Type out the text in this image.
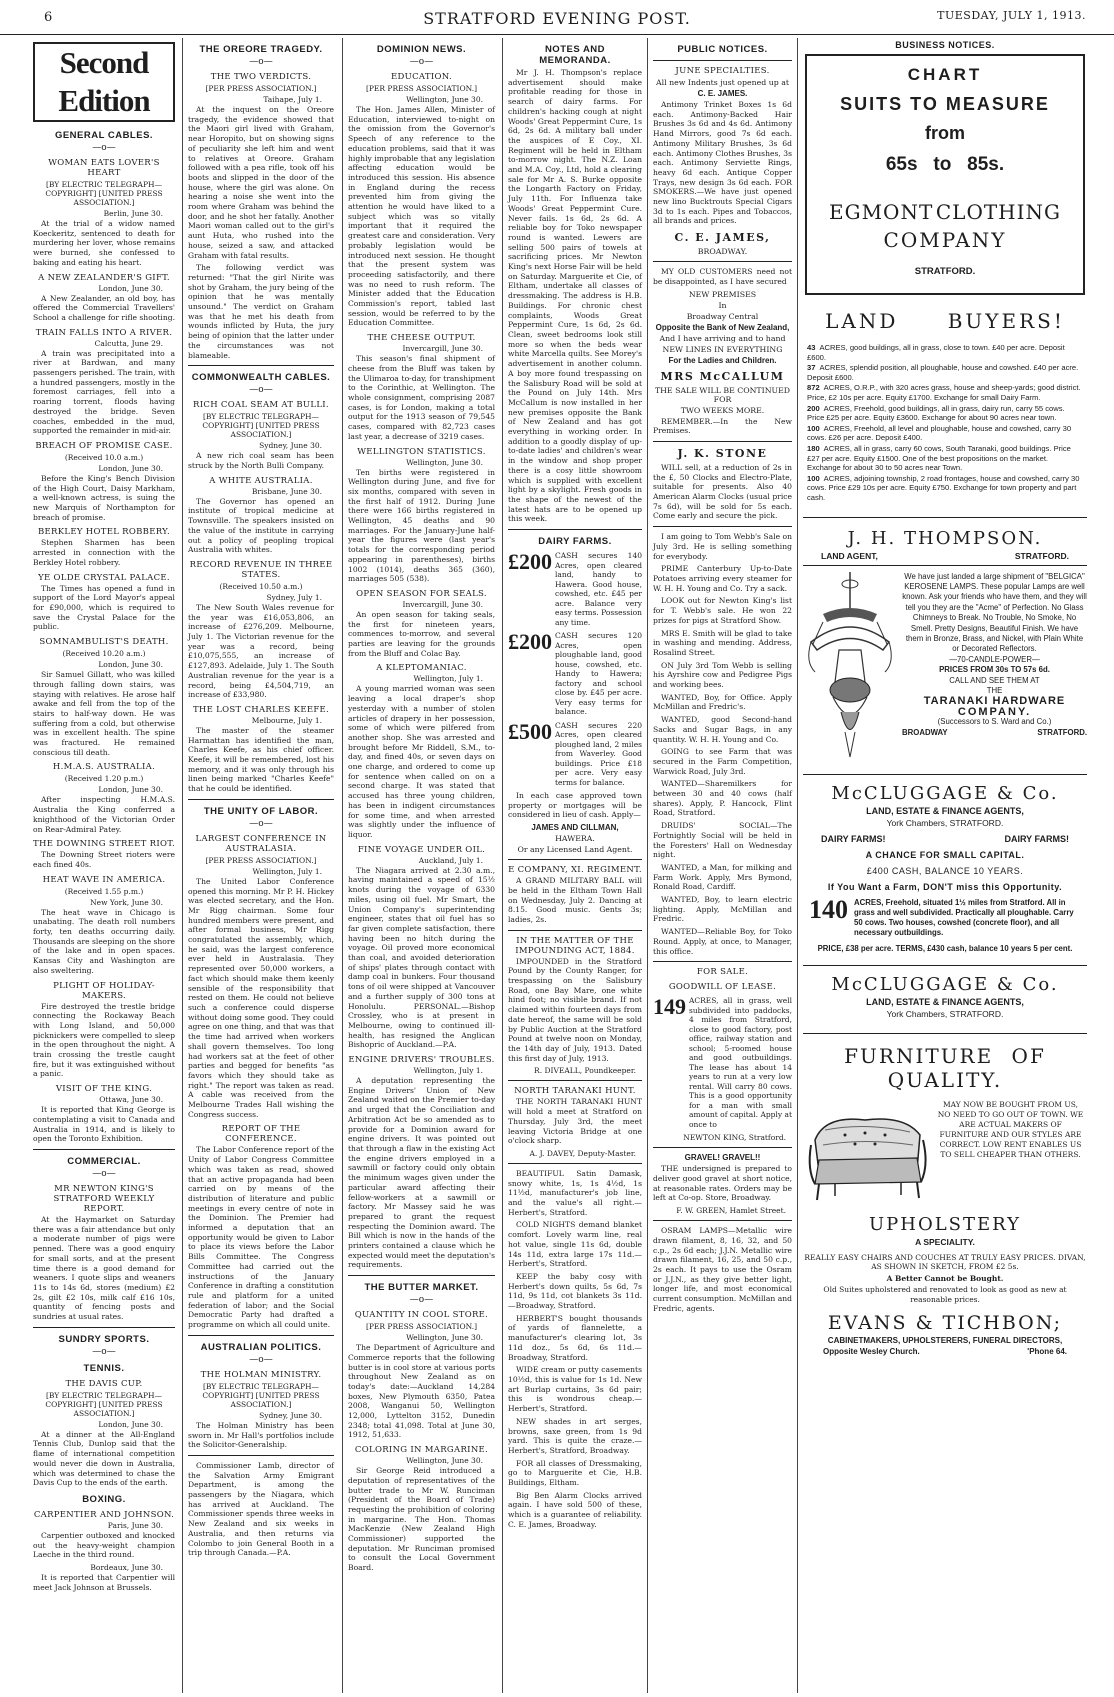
6	STRATFORD EVENING POST.	TUESDAY, JULY 1, 1913.
Second Edition
GENERAL CABLES.
—o—
WOMAN EATS LOVER'S HEART
[BY ELECTRIC TELEGRAPH—COPYRIGHT] [UNITED PRESS ASSOCIATION.]
Berlin, June 30.
At the trial of a widow named Koeckeritz, sentenced to death for murdering her lover, whose remains were burned, she confessed to baking and eating his heart.
A NEW ZEALANDER'S GIFT.
London, June 30.
A New Zealander, an old boy, has offered the Commercial Travellers' School a challenge for rifle shooting.
TRAIN FALLS INTO A RIVER.
Calcutta, June 29.
A train was precipitated into a river at Bardwan, and many passengers perished. The train, with a hundred passengers, mostly in the foremost carriages, fell into a roaring torrent, floods having destroyed the bridge. Seven coaches, embedded in the mud, supported the remainder in mid-air.
BREACH OF PROMISE CASE.
(Received 10.0 a.m.)
London, June 30.
Before the King's Bench Division of the High Court, Daisy Markham, a well-known actress, is suing the new Marquis of Northampton for breach of promise.
BERKLEY HOTEL ROBBERY.
Stephen Sharmen has been arrested in connection with the Berkley Hotel robbery.
YE OLDE CRYSTAL PALACE.
The Times has opened a fund in support of the Lord Mayor's appeal for £90,000, which is required to save the Crystal Palace for the public.
SOMNAMBULIST'S DEATH.
(Received 10.20 a.m.)
London, June 30.
Sir Samuel Gillatt, who was killed through falling down stairs, was staying with relatives. He arose half awake and fell from the top of the stairs to half-way down. He was suffering from a cold, but otherwise was in excellent health. The spine was fractured. He remained conscious till death.
H.M.A.S. AUSTRALIA.
(Received 1.20 p.m.)
London, June 30.
After inspecting H.M.A.S. Australia the King conferred a knighthood of the Victorian Order on Rear-Admiral Patey.
THE DOWNING STREET RIOT.
The Downing Street rioters were each fined 40s.
HEAT WAVE IN AMERICA.
(Received 1.55 p.m.)
New York, June 30.
The heat wave in Chicago is unabating. The death roll numbers forty, ten deaths occurring daily. Thousands are sleeping on the shore of the lake and in open spaces. Kansas City and Washington are also sweltering.
PLIGHT OF HOLIDAY-MAKERS.
Fire destroyed the trestle bridge connecting the Rockaway Beach with Long Island, and 50,000 picknickers were compelled to sleep in the open throughout the night. A train crossing the trestle caught fire, but it was extinguished without a panic.
VISIT OF THE KING.
Ottawa, June 30.
It is reported that King George is contemplating a visit to Canada and Australia in 1914, and is likely to open the Toronto Exhibition.
COMMERCIAL.
—o—
MR NEWTON KING'S STRATFORD WEEKLY REPORT.
At the Haymarket on Saturday there was a fair attendance but only a moderate number of pigs were penned. There was a good enquiry for small sorts, and at the present time there is a good demand for weaners. I quote slips and weaners 11s to 14s 6d, stores (medium) £2 2s, gilt £2 10s, milk calf £16 10s, quantity of fencing posts and sundries at usual rates.
SUNDRY SPORTS.
—o—
TENNIS.
THE DAVIS CUP.
[BY ELECTRIC TELEGRAPH—COPYRIGHT] [UNITED PRESS ASSOCIATION.]
London, June 30.
At a dinner at the All-England Tennis Club, Dunlop said that the flame of international competition would never die down in Australia, which was determined to chase the Davis Cup to the ends of the earth.
BOXING.
CARPENTIER AND JOHNSON.
Paris, June 30.
Carpentier outboxed and knocked out the heavy-weight champion Laeche in the third round.
Bordeaux, June 30.
It is reported that Carpentier will meet Jack Johnson at Brussels.
THE OREORE TRAGEDY.
—o—
THE TWO VERDICTS.
[PER PRESS ASSOCIATION.]
Taihape, July 1.
At the inquest on the Oreore tragedy, the evidence showed that the Maori girl lived with Graham, near Horopito, but on showing signs of peculiarity she left him and went to relatives at Oreore. Graham followed with a pea rifle, took off his boots and slipped in the door of the house, where the girl was alone. On hearing a noise she went into the room where Graham was behind the door, and he shot her fatally. Another Maori woman called out to the girl's aunt Huta, who rushed into the house, seized a saw, and attacked Graham with fatal results.
The following verdict was returned: "That the girl Nirite was shot by Graham, the jury being of the opinion that he was mentally unsound." The verdict on Graham was that he met his death from wounds inflicted by Huta, the jury being of opinion that the latter under the circumstances was not blameable.
COMMONWEALTH CABLES.
—o—
RICH COAL SEAM AT BULLI.
[BY ELECTRIC TELEGRAPH—COPYRIGHT] [UNITED PRESS ASSOCIATION.]
Sydney, June 30.
A new rich coal seam has been struck by the North Bulli Company.
A WHITE AUSTRALIA.
Brisbane, June 30.
The Governor has opened an institute of tropical medicine at Townsville. The speakers insisted on the value of the institute in carrying out a policy of peopling tropical Australia with whites.
RECORD REVENUE IN THREE STATES.
(Received 10.50 a.m.)
Sydney, July 1.
The New South Wales revenue for the year was £16,053,806, an increase of £276,209. Melbourne, July 1. The Victorian revenue for the year was a record, being £10,075,555, an increase of £127,893. Adelaide, July 1. The South Australian revenue for the year is a record, being £4,504,719, an increase of £33,980.
THE LOST CHARLES KEEFE.
Melbourne, July 1.
The master of the steamer Harmattan has identified the man, Charles Keefe, as his chief officer. Keefe, it will be remembered, lost his memory, and it was only through his linen being marked "Charles Keefe" that he could be identified.
THE UNITY OF LABOR.
—o—
LARGEST CONFERENCE IN AUSTRALASIA.
[PER PRESS ASSOCIATION.]
Wellington, July 1.
The United Labor Conference opened this morning. Mr P. H. Hickey was elected secretary, and the Hon. Mr Rigg chairman. Some four hundred members were present, and after formal business, Mr Rigg congratulated the assembly, which, he said, was the largest conference ever held in Australasia. They represented over 50,000 workers, a fact which should make them keenly sensible of the responsibility that rested on them. He could not believe such a conference could disperse without doing some good. They could agree on one thing, and that was that the time had arrived when workers shall govern themselves. Too long had workers sat at the feet of other parties and begged for benefits "as favors which they should take as right." The report was taken as read. A cable was received from the Melbourne Trades Hall wishing the Congress success.
REPORT OF THE CONFERENCE.
The Labor Conference report of the Unity of Labor Congress Committee which was taken as read, showed that an active propaganda had been carried on by means of the distribution of literature and public meetings in every centre of note in the Dominion. The Premier had informed a deputation that an opportunity would be given to Labor to place its views before the Labor Bills Committee. The Congress Committee had carried out the instructions of the January Conference in drafting a constitution rule and platform for a united federation of labor; and the Social Democratic Party had drafted a programme on which all could unite.
AUSTRALIAN POLITICS.
—o—
THE HOLMAN MINISTRY.
[BY ELECTRIC TELEGRAPH—COPYRIGHT] [UNITED PRESS ASSOCIATION.]
Sydney, June 30.
The Holman Ministry has been sworn in. Mr Hall's portfolios include the Solicitor-Generalship.
Commissioner Lamb, director of the Salvation Army Emigrant Department, is among the passengers by the Niagara, which has arrived at Auckland. The Commissioner spends three weeks in New Zealand and six weeks in Australia, and then returns via Colombo to join General Booth in a trip through Canada.—P.A.
DOMINION NEWS.
—o—
EDUCATION.
[PER PRESS ASSOCIATION.]
Wellington, June 30.
The Hon. James Allen, Minister of Education, interviewed to-night on the omission from the Governor's Speech of any reference to the education problems, said that it was highly improbable that any legislation affecting education would be introduced this session. His absence in England during the recess prevented him from giving the attention he would have liked to a subject which was so vitally important that it required the greatest care and consideration. Very probably legislation would be introduced next session. He thought that the present system was proceeding satisfactorily, and there was no need to rush reform. The Minister added that the Education Commission's report, tabled last session, would be referred to by the Education Committee.
THE CHEESE OUTPUT.
Invercargill, June 30.
This season's final shipment of cheese from the Bluff was taken by the Ulimaroa to-day, for transhipment to the Corinthic, at Wellington. The whole consignment, comprising 2087 cases, is for London, making a total output for the 1913 season of 79,545 cases, compared with 82,723 cases last year, a decrease of 3219 cases.
WELLINGTON STATISTICS.
Wellington, June 30.
Ten births were registered in Wellington during June, and five for six months, compared with seven in the first half of 1912. During June there were 166 births registered in Wellington, 45 deaths and 90 marriages. For the January-June half-year the figures were (last year's totals for the corresponding period appearing in parentheses), births 1002 (1014), deaths 365 (360), marriages 505 (538).
OPEN SEASON FOR SEALS.
Invercargill, June 30.
An open season for taking seals, the first for nineteen years, commences to-morrow, and several parties are leaving for the grounds from the Bluff and Colac Bay.
A KLEPTOMANIAC.
Wellington, July 1.
A young married woman was seen leaving a local draper's shop yesterday with a number of stolen articles of drapery in her possession, some of which were pilfered from another shop. She was arrested and brought before Mr Riddell, S.M., to-day, and fined 40s, or seven days on one charge, and ordered to come up for sentence when called on on a second charge. It was stated that accused has three young children, has been in indigent circumstances for some time, and when arrested was slightly under the influence of liquor.
FINE VOYAGE UNDER OIL.
Auckland, July 1.
The Niagara arrived at 2.30 a.m., having maintained a speed of 15½ knots during the voyage of 6330 miles, using oil fuel. Mr Smart, the Union Company's superintending engineer, states that oil fuel has so far given complete satisfaction, there having been no hitch during the voyage. Oil proved more economical than coal, and avoided deterioration of ships' plates through contact with damp coal in bunkers. Four thousand tons of oil were shipped at Vancouver and a further supply of 300 tons at Honolulu. PERSONAL.—Bishop Crossley, who is at present in Melbourne, owing to continued ill-health, has resigned the Anglican Bishopric of Auckland.—P.A.
ENGINE DRIVERS' TROUBLES.
Wellington, July 1.
A deputation representing the Engine Drivers' Union of New Zealand waited on the Premier to-day and urged that the Conciliation and Arbitration Act be so amended as to provide for a Dominion award for engine drivers. It was pointed out that through a flaw in the existing Act the engine drivers employed in a sawmill or factory could only obtain the minimum wages given under the particular award affecting their fellow-workers at a sawmill or factory. Mr Massey said he was prepared to grant the request respecting the Dominion award. The Bill which is now in the hands of the printers contained a clause which he expected would meet the deputation's requirements.
THE BUTTER MARKET.
—o—
QUANTITY IN COOL STORE.
[PER PRESS ASSOCIATION.]
Wellington, June 30.
The Department of Agriculture and Commerce reports that the following butter is in cool store at various ports throughout New Zealand as on today's date:—Auckland 14,284 boxes, New Plymouth 6350, Patea 2008, Wanganui 50, Wellington 12,000, Lyttelton 3152, Dunedin 2348; total 41,098. Total at June 30, 1912, 51,633.
COLORING IN MARGARINE.
Wellington, June 30.
Sir George Reid introduced a deputation of representatives of the butter trade to Mr W. Runciman (President of the Board of Trade) requesting the prohibition of coloring in margarine. The Hon. Thomas MacKenzie (New Zealand High Commissioner) supported the deputation. Mr Runciman promised to consult the Local Government Board.
NOTES AND MEMORANDA.
Mr J. H. Thompson's replace advertisement should make profitable reading for those in search of dairy farms. For children's hacking cough at night Woods' Great Peppermint Cure, 1s 6d, 2s 6d. A military ball under the auspices of E Coy., XI. Regiment will be held in Eltham to-morrow night. The N.Z. Loan and M.A. Coy., Ltd, hold a clearing sale for Mr A. S. Burke opposite the Longarth Factory on Friday, July 11th. For Influenza take Woods' Great Peppermint Cure. Never fails. 1s 6d, 2s 6d. A reliable boy for Toko newspaper round is wanted. Lewers are selling 500 pairs of towels at sacrificing prices. Mr Newton King's next Horse Fair will be held on Saturday. Marguerite et Cie, of Eltham, undertake all classes of dressmaking. The address is H.B. Buildings. For chronic chest complaints, Woods Great Peppermint Cure, 1s 6d, 2s 6d. Clean, sweet bedrooms look still more so when the beds wear white Marcella quilts. See Morey's advertisement in another column. A boy more found trespassing on the Salisbury Road will be sold at the Pound on July 14th. Mrs McCallum is now installed in her new premises opposite the Bank of New Zealand and has got everything in working order. In addition to a goodly display of up-to-date ladies' and children's wear in the window and shop proper there is a cosy little showroom which is supplied with excellent light by a skylight. Fresh goods in the shape of the newest of the latest hats are to be opened up this week.
DAIRY FARMS.
£200 CASH secures 140 Acres, open cleared land, handy to Hawera. Good house, cowshed, etc. £45 per acre. Balance very easy terms. Possession any time.
£200 CASH secures 120 Acres, open ploughable land, good house, cowshed, etc. Handy to Hawera; factory and school close by. £45 per acre. Very easy terms for balance.
£500 CASH secures 220 Acres, open cleared ploughed land, 2 miles from Waverley. Good buildings. Price £18 per acre. Very easy terms for balance.
In each case approved town property or mortgages will be considered in lieu of cash. Apply—
JAMES AND CILLMAN,
HAWERA.
Or any Licensed Land Agent.
E COMPANY, XI. REGIMENT.
A GRAND MILITARY BALL will be held in the Eltham Town Hall on Wednesday, July 2. Dancing at 8.15. Good music. Gents 3s; ladies, 2s.
IN THE MATTER OF THE IMPOUNDING ACT, 1884.
IMPOUNDED in the Stratford Pound by the County Ranger, for trespassing on the Salisbury Road, one Bay Mare, one white hind foot; no visible brand. If not claimed within fourteen days from date hereof, the same will be sold by Public Auction at the Stratford Pound at twelve noon on Monday, the 14th day of July, 1913. Dated this first day of July, 1913.
R. DIVEALL, Poundkeeper.
NORTH TARANAKI HUNT.
THE NORTH TARANAKI HUNT will hold a meet at Stratford on Thursday, July 3rd, the meet leaving Victoria Bridge at one o'clock sharp.
A. J. DAVEY, Deputy-Master.
BEAUTIFUL Satin Damask, snowy white, 1s, 1s 4½d, 1s 11½d, manufacturer's job line, and the value's all right.—Herbert's, Stratford.
COLD NIGHTS demand blanket comfort. Lovely warm line, real hot value, single 11s 6d, double 14s 11d, extra large 17s 11d.—Herbert's, Stratford.
KEEP the baby cosy with Herbert's down quilts, 5s 6d, 7s 11d, 9s 11d, cot blankets 3s 11d.—Broadway, Stratford.
HERBERT'S bought thousands of yards of flannelette, a manufacturer's clearing lot, 3s 11d doz., 5s 6d, 6s 11d.—Broadway, Stratford.
WIDE cream or putty casements 10½d, this is value for 1s 1d. New art Burlap curtains, 3s 6d pair; this is wondrous cheap.—Herbert's, Stratford.
NEW shades in art serges, browns, saxe green, from 1s 9d yard. This is quite the craze.—Herbert's, Stratford, Broadway.
FOR all classes of Dressmaking, go to Marguerite et Cie, H.B. Buildings, Eltham.
Big Ben Alarm Clocks arrived again. I have sold 500 of these, which is a guarantee of reliability. C. E. James, Broadway.
PUBLIC NOTICES.
JUNE SPECIALTIES.
All new Indents just opened up at
C. E. JAMES.
Antimony Trinket Boxes 1s 6d each. Antimony-Backed Hair Brushes 3s 6d and 4s 6d. Antimony Hand Mirrors, good 7s 6d each. Antimony Military Brushes, 3s 6d each. Antimony Clothes Brushes, 3s each. Antimony Serviette Rings, heavy 6d each. Antique Copper Trays, new design 3s 6d each. FOR SMOKERS.—We have just opened new lino Bucktrouts Special Cigars 3d to 1s each. Pipes and Tobaccos, all brands and prices.
C. E. JAMES,
BROADWAY.
MY OLD CUSTOMERS need not be disappointed, as I have secured
NEW PREMISES
In
Broadway Central
Opposite the Bank of New Zealand,
And I have arriving and to hand
NEW LINES IN EVERYTHING
For the Ladies and Children.
MRS McCALLUM
THE SALE WILL BE CONTINUED FOR
TWO WEEKS MORE.
REMEMBER.—In the New Premises.
J. K. STONE
WILL sell, at a reduction of 2s in the £, 50 Clocks and Electro-Plate, suitable for presents. Also 40 American Alarm Clocks (usual price 7s 6d), will be sold for 5s each. Come early and secure the pick.
I am going to Tom Webb's Sale on July 3rd. He is selling something for everybody.
PRIME Canterbury Up-to-Date Potatoes arriving every steamer for W. H. H. Young and Co. Try a sack.
LOOK out for Newton King's list for T. Webb's sale. He won 22 prizes for pigs at Stratford Show.
MRS E. Smith will be glad to take in washing and mending. Address, Rosalind Street.
ON July 3rd Tom Webb is selling his Ayrshire cow and Pedigree Pigs and working bees.
WANTED, Boy, for Office. Apply McMillan and Fredric's.
WANTED, good Second-hand Sacks and Sugar Bags, in any quantity. W. H. H. Young and Co.
GOING to see Farm that was secured in the Farm Competition, Warwick Road, July 3rd.
WANTED—Sharemilkers for between 30 and 40 cows (half shares). Apply, P. Hancock, Flint Road, Stratford.
DRUIDS' SOCIAL—The Fortnightly Social will be held in the Foresters' Hall on Wednesday night.
WANTED, a Man, for milking and Farm Work. Apply, Mrs Bymond, Ronald Road, Cardiff.
WANTED, Boy, to learn electric lighting. Apply, McMillan and Fredric.
WANTED—Reliable Boy, for Toko Round. Apply, at once, to Manager, this office.
FOR SALE.
GOODWILL OF LEASE.
149 ACRES, all in grass, well subdivided into paddocks, 4 miles from Stratford, close to good factory, post office, railway station and school; 5-roomed house and good outbuildings. The lease has about 14 years to run at a very low rental. Will carry 80 cows. This is a good opportunity for a man with small amount of capital. Apply at once to
NEWTON KING, Stratford.
GRAVEL! GRAVEL!!
THE undersigned is prepared to deliver good gravel at short notice, at reasonable rates. Orders may be left at Co-op. Store, Broadway.
F. W. GREEN, Hamlet Street.
OSRAM LAMPS—Metallic wire drawn filament, 8, 16, 32, and 50 c.p., 2s 6d each; J.J.N. Metallic wire drawn filament, 16, 25, and 50 c.p., 2s each. It pays to use the Osram or J.J.N., as they give better light, longer life, and most economical current consumption. McMillan and Fredric, agents.
BUSINESS NOTICES.
CHART
SUITS TO MEASURE
from
65s to 85s.
EGMONT CLOTHING
COMPANY
STRATFORD.
LAND BUYERS!
43 ACRES, good buildings, all in grass, close to town. £40 per acre. Deposit £600.
37 ACRES, splendid position, all ploughable, house and cowshed. £40 per acre. Deposit £600.
872 ACRES, O.R.P., with 320 acres grass, house and sheep-yards; good district. Price, £2 10s per acre. Equity £1700. Exchange for small Dairy Farm.
200 ACRES, Freehold, good buildings, all in grass, dairy run, carry 55 cows. Price £25 per acre. Equity £3600. Exchange for about 90 acres near town.
100 ACRES, Freehold, all level and ploughable, house and cowshed, carry 30 cows. £26 per acre. Deposit £400.
180 ACRES, all in grass, carry 60 cows, South Taranaki, good buildings. Price £27 per acre. Equity £1500. One of the best propositions on the market. Exchange for about 30 to 50 acres near Town.
100 ACRES, adjoining township, 2 road frontages, house and cowshed, carry 30 cows. Price £29 10s per acre. Equity £750. Exchange for town property and part cash.
J. H. THOMPSON.
LAND AGENT,	STRATFORD.
We have just landed a large shipment of "BELGICA" KEROSENE LAMPS. These popular Lamps are well known. Ask your friends who have them, and they will tell you they are the "Acme" of Perfection. No Glass Chimneys to Break. No Trouble, No Smoke, No Smell. Pretty Designs, Beautiful Finish. We have them in Bronze, Brass, and Nickel, with Plain White or Decorated Reflectors.
—70-CANDLE-POWER—
PRICES FROM 30s TO 57s 6d.
CALL AND SEE THEM AT
THE
TARANAKI HARDWARE
COMPANY.
(Successors to S. Ward and Co.)
BROADWAY	STRATFORD.
McCLUGGAGE & Co.
LAND, ESTATE & FINANCE AGENTS,
York Chambers, STRATFORD.
DAIRY FARMS!	DAIRY FARMS!
A CHANCE FOR SMALL CAPITAL.
£400 CASH, BALANCE 10 YEARS.
If You Want a Farm, DON'T miss this Opportunity.
140 ACRES, Freehold, situated 1½ miles from Stratford. All in grass and well subdivided. Practically all ploughable. Carry 50 cows. Two houses, cowshed (concrete floor), and all necessary outbuildings.
PRICE, £38 per acre. TERMS, £430 cash, balance 10 years 5 per cent.
McCLUGGAGE & Co.
LAND, ESTATE & FINANCE AGENTS,
York Chambers, STRATFORD.
FURNITURE OF QUALITY.
MAY NOW BE BOUGHT FROM US, NO NEED TO GO OUT OF TOWN. WE ARE ACTUAL MAKERS OF FURNITURE AND OUR STYLES ARE CORRECT. LOW RENT ENABLES US TO SELL CHEAPER THAN OTHERS.
UPHOLSTERY
A SPECIALITY.
REALLY EASY CHAIRS AND COUCHES AT TRULY EASY PRICES. DIVAN, AS SHOWN IN SKETCH, FROM £2 5s.
A Better Cannot be Bought.
Old Suites upholstered and renovated to look as good as new at reasonable prices.
EVANS & TICHBON;
CABINETMAKERS, UPHOLSTERERS, FUNERAL DIRECTORS,
Opposite Wesley Church.	'Phone 64.
